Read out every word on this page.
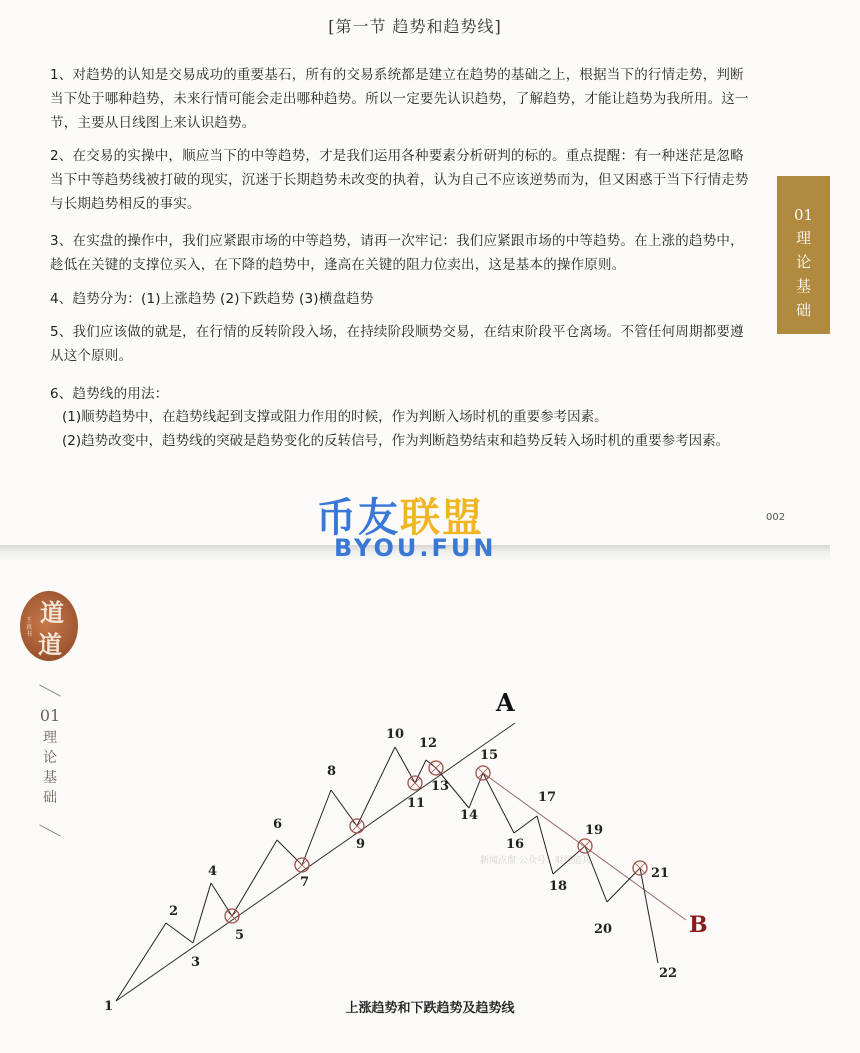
[第一节 趋势和趋势线]
1、对趋势的认知是交易成功的重要基石，所有的交易系统都是建立在趋势的基础之上，根据当下的行情走势，判断当下处于哪种趋势，未来行情可能会走出哪种趋势。所以一定要先认识趋势，了解趋势，才能让趋势为我所用。这一节，主要从日线图上来认识趋势。
2、在交易的实操中，顺应当下的中等趋势，才是我们运用各种要素分析研判的标的。重点提醒：有一种迷茫是忽略当下中等趋势线被打破的现实，沉迷于长期趋势未改变的执着，认为自己不应该逆势而为，但又困惑于当下行情走势与长期趋势相反的事实。
3、在实盘的操作中，我们应紧跟市场的中等趋势，请再一次牢记：我们应紧跟市场的中等趋势。在上涨的趋势中，趁低在关键的支撑位买入，在下降的趋势中，逢高在关键的阻力位卖出，这是基本的操作原则。
4、趋势分为：(1)上涨趋势 (2)下跌趋势 (3)横盘趋势
5、我们应该做的就是，在行情的反转阶段入场，在持续阶段顺势交易，在结束阶段平仓离场。不管任何周期都要遵从这个原则。
6、趋势线的用法：
(1)顺势趋势中，在趋势线起到支撑或阻力作用的时候，作为判断入场时机的重要参考因素。
(2)趋势改变中，趋势线的突破是趋势变化的反转信号，作为判断趋势结束和趋势反转入场时机的重要参考因素。
01
理论基础
002
币友联盟
BYOU.FUN
道
道
王真书
01
理论基础
新闻点窗 公众号：财经道兵
1
2
3
4
5
6
7
8
9
10
11
12
13
14
15
16
17
18
19
20
21
22
A
B
上涨趋势和下跌趋势及趋势线
